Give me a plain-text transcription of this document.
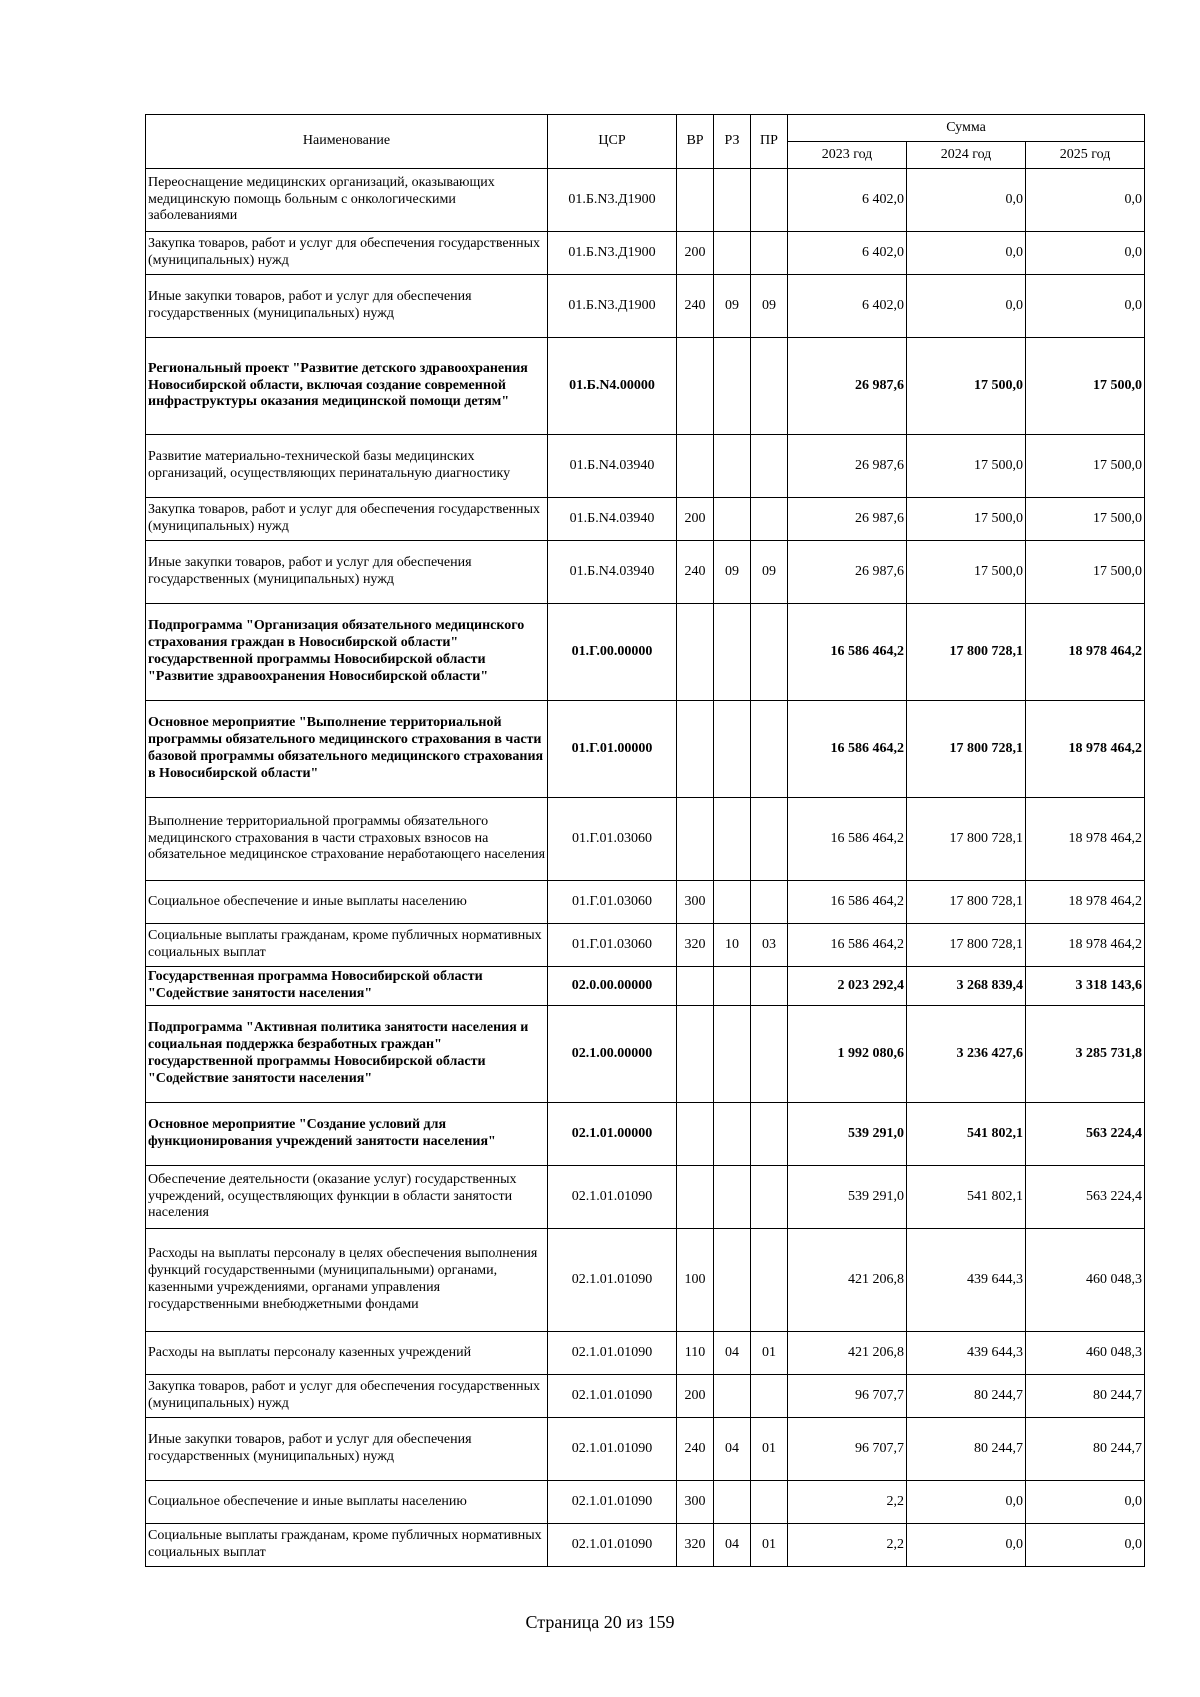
Наименование	ЦСР	ВР	РЗ	ПР	Сумма		
					2023 год	2024 год	2025 год
Переоснащение медицинских организаций, оказывающих медицинскую помощь больным с онкологическими заболеваниями	01.Б.N3.Д1900				6 402,0	0,0	0,0
Закупка товаров, работ и услуг для обеспечения государственных (муниципальных) нужд	01.Б.N3.Д1900	200			6 402,0	0,0	0,0
Иные закупки товаров, работ и услуг для обеспечения государственных (муниципальных) нужд	01.Б.N3.Д1900	240	09	09	6 402,0	0,0	0,0
Региональный проект "Развитие детского здравоохранения Новосибирской области, включая создание современной инфраструктуры оказания медицинской помощи детям"	01.Б.N4.00000				26 987,6	17 500,0	17 500,0
Развитие материально-технической базы медицинских организаций, осуществляющих перинатальную диагностику	01.Б.N4.03940				26 987,6	17 500,0	17 500,0
Закупка товаров, работ и услуг для обеспечения государственных (муниципальных) нужд	01.Б.N4.03940	200			26 987,6	17 500,0	17 500,0
Иные закупки товаров, работ и услуг для обеспечения государственных (муниципальных) нужд	01.Б.N4.03940	240	09	09	26 987,6	17 500,0	17 500,0
Подпрограмма "Организация обязательного медицинского страхования граждан в Новосибирской области" государственной программы Новосибирской области "Развитие здравоохранения Новосибирской области"	01.Г.00.00000				16 586 464,2	17 800 728,1	18 978 464,2
Основное мероприятие "Выполнение территориальной программы обязательного медицинского страхования в части базовой программы обязательного медицинского страхования в Новосибирской области"	01.Г.01.00000				16 586 464,2	17 800 728,1	18 978 464,2
Выполнение территориальной программы обязательного медицинского страхования в части страховых взносов на обязательное медицинское страхование неработающего населения	01.Г.01.03060				16 586 464,2	17 800 728,1	18 978 464,2
Социальное обеспечение и иные выплаты населению	01.Г.01.03060	300			16 586 464,2	17 800 728,1	18 978 464,2
Социальные выплаты гражданам, кроме публичных нормативных социальных выплат	01.Г.01.03060	320	10	03	16 586 464,2	17 800 728,1	18 978 464,2
Государственная программа Новосибирской области "Содействие занятости населения"	02.0.00.00000				2 023 292,4	3 268 839,4	3 318 143,6
Подпрограмма "Активная политика занятости населения и социальная поддержка безработных граждан" государственной программы Новосибирской области "Содействие занятости населения"	02.1.00.00000				1 992 080,6	3 236 427,6	3 285 731,8
Основное мероприятие "Создание условий для функционирования учреждений занятости населения"	02.1.01.00000				539 291,0	541 802,1	563 224,4
Обеспечение деятельности (оказание услуг) государственных учреждений, осуществляющих функции в области занятости населения	02.1.01.01090				539 291,0	541 802,1	563 224,4
Расходы на выплаты персоналу в целях обеспечения выполнения функций государственными (муниципальными) органами, казенными учреждениями, органами управления государственными внебюджетными фондами	02.1.01.01090	100			421 206,8	439 644,3	460 048,3
Расходы на выплаты персоналу казенных учреждений	02.1.01.01090	110	04	01	421 206,8	439 644,3	460 048,3
Закупка товаров, работ и услуг для обеспечения государственных (муниципальных) нужд	02.1.01.01090	200			96 707,7	80 244,7	80 244,7
Иные закупки товаров, работ и услуг для обеспечения государственных (муниципальных) нужд	02.1.01.01090	240	04	01	96 707,7	80 244,7	80 244,7
Социальное обеспечение и иные выплаты населению	02.1.01.01090	300			2,2	0,0	0,0
Социальные выплаты гражданам, кроме публичных нормативных социальных выплат	02.1.01.01090	320	04	01	2,2	0,0	0,0
Страница 20 из 159
